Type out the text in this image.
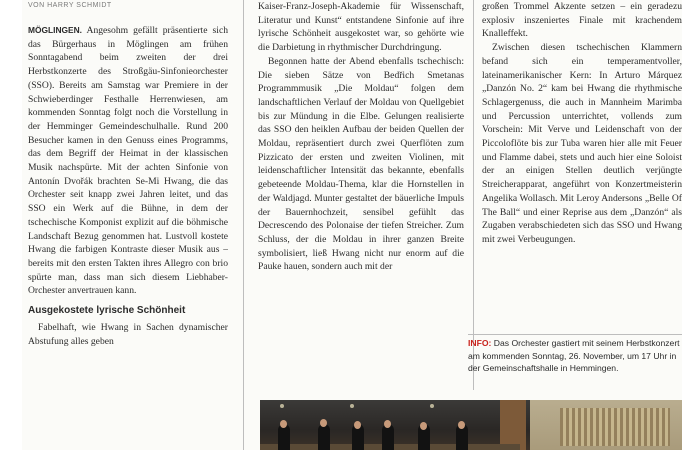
VON HARRY SCHMIDT

MÖGLINGEN. Angesohm gefällt präsentierte sich das Bürgerhaus in Möglingen am frühen Sonntagabend beim zweiten der drei Herbstkonzerte des Stroßgäu-Sinfonieorchester (SSO). Bereits am Samstag war Premiere in der Schwieberdinger Festhalle Herrenwiesen, am kommenden Sonntag folgt noch die Vorstellung in der Hemminger Gemeindeschulhalle. Rund 200 Besucher kamen in den Genuss eines Programms, das dem Begriff der Heimat in der klassischen Musik nachspürte. Mit der achten Sinfonie von Antonín Dvořák brachten Se-Mi Hwang, die das Orchester seit knapp zwei Jahren leitet, und das SSO ein Werk auf die Bühne, in dem der tschechische Komponist explizit auf die böhmische Landschaft Bezug genommen hat. Lustvoll kostete Hwang die farbigen Kontraste dieser Musik aus – bereits mit den ersten Takten ihres Allegro con brio spürte man, dass man sich diesem Liebhaber-Orchester anvertrauen kann.

Ausgekostete lyrische Schönheit

Fabelhaft, wie Hwang in Sachen dynamischer Abstufung alles geben

Kaiser-Franz-Joseph-Akademie für Wissenschaft, Literatur und Kunst“ entstandene Sinfonie auf ihre lyrische Schönheit ausgekostet war, so gehörte wie die Darbietung in rhythmischer Durchdringung.

Begonnen hatte der Abend ebenfalls tschechisch: Die sieben Sätze von Bedřich Smetanas Programmmusik „Die Moldau“ folgen dem landschaftlichen Verlauf der Moldau von Quellgebiet bis zur Mündung in die Elbe. Gelungen realisierte das SSO den heiklen Aufbau der beiden Quellen der Moldau, repräsentiert durch zwei Querflöten zum Pizzicato der ersten und zweiten Violinen, mit leidenschaftlicher Intensität das bekannte, ebenfalls gebeteende Moldau-Thema, klar die Hornstellen in der Waldjagd. Munter gestaltet der bäuerliche Impuls der Bauernhochzeit, sensibel gefühlt das Decrescendo des Polonaise der tiefen Streicher. Zum Schluss, der die Moldau in ihrer ganzen Breite symbolisiert, ließ Hwang nicht nur enorm auf die Pauke hauen, sondern auch mit der

großen Trommel Akzente setzen – ein geradezu explosiv inszeniertes Finale mit krachendem Knalleffekt.

Zwischen diesen tschechischen Klammern befand sich ein temperamentvoller, lateinamerikanischer Kern: In Arturo Márquez „Danzón No. 2“ kam bei Hwang die rhythmische Schlagergenuss, die auch in Mannheim Marimba und Percussion unterrichtet, vollends zum Vorschein: Mit Verve und Leidenschaft von der Piccoloflöte bis zur Tuba waren hier alle mit Feuer und Flamme dabei, stets und auch hier eine Soloist der an einigen Stellen deutlich verjüngte Streicherapparat, angeführt von Konzertmeisterin Angelika Wollasch. Mit Leroy Andersons „Belle Of The Ball“ und einer Reprise aus dem „Danzón“ als Zugaben verabschiedeten sich das SSO und Hwang mit zwei Verbeugungen.

INFO: Das Orchester gastiert mit seinem Herbstkonzert am kommenden Sonntag, 26. November, um 17 Uhr in der Gemeinschaftshalle in Hemmingen.
